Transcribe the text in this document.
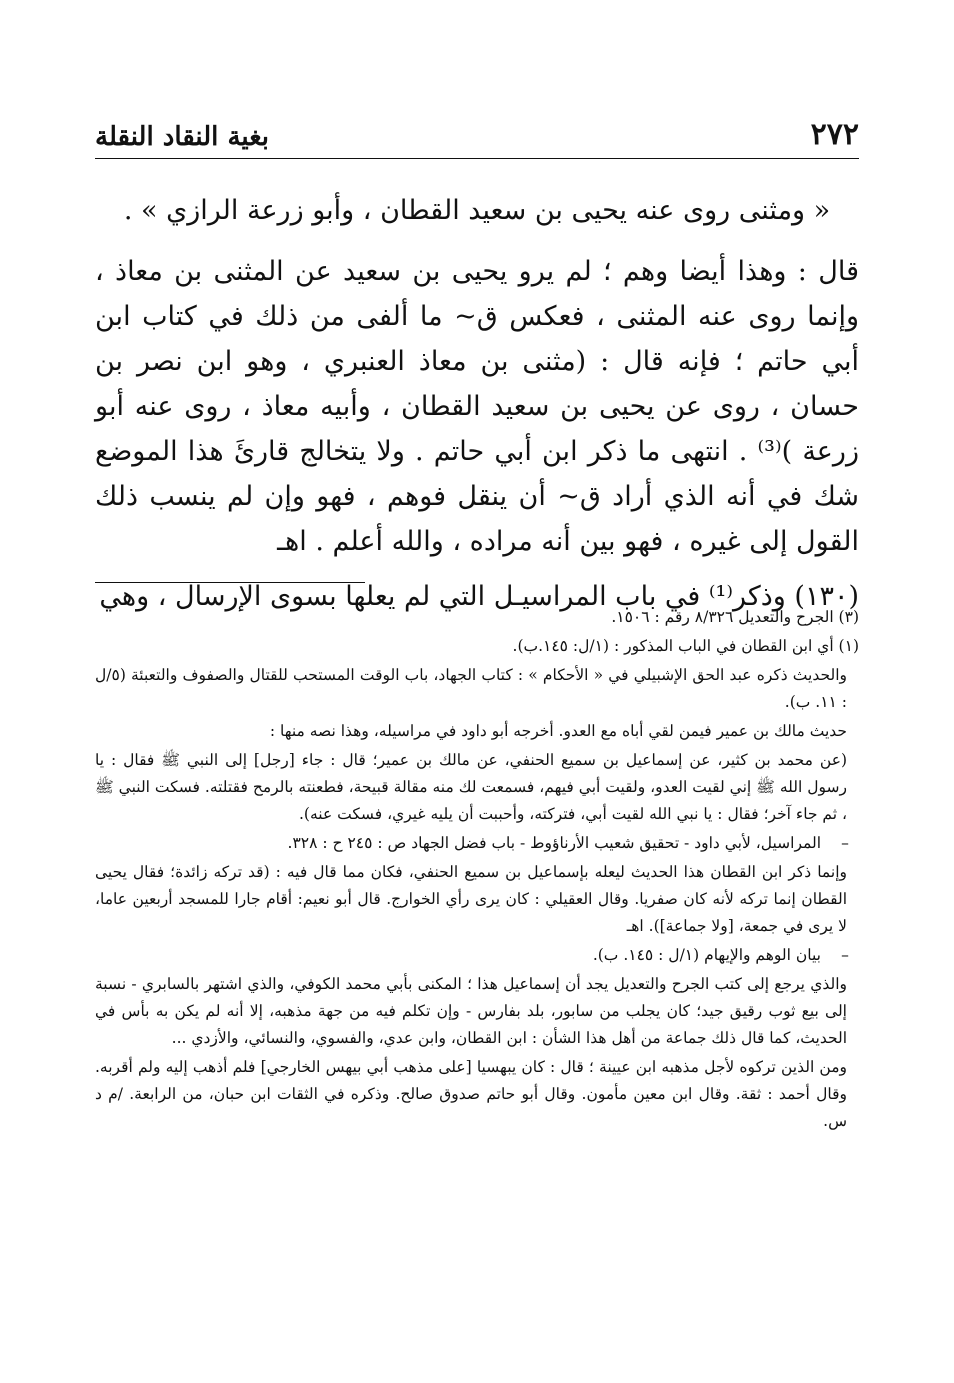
٢٧٢
بغية النقاد النقلة

« ومثنى روى عنه يحيى بن سعيد القطان ، وأبو زرعة الرازي » .

قال : وهذا أيضا وهم ؛ لم يرو يحيى بن سعيد عن المثنى بن معاذ ، وإنما روى عنه المثنى ، فعكس ق~ ما ألفى من ذلك في كتاب ابن أبي حاتم ؛ فإنه قال : (مثنى بن معاذ العنبري ، وهو ابن نصر بن حسان ، روى عن يحيى بن سعيد القطان ، وأبيه معاذ ، روى عنه أبو زرعة )⁽³⁾ . انتهى ما ذكر ابن أبي حاتم . ولا يتخالج قارئَ هذا الموضع شك في أنه الذي أراد ق~ أن ينقل فوهم ، فهو وإن لم ينسب ذلك القول إلى غيره ، فهو بين أنه مراده ، والله أعلم . اهـ

(١٣٠) وذكر⁽¹⁾ في باب المراسيـل التي لم يعلها بسوى الإرسال ، وهي

(٣) الجرح والتعديل ٨/٣٢٦ رقم : ١٥٠٦.

(١) أي ابن القطان في الباب المذكور : (١/ل: ١٤٥.ب).

والحديث ذكره عبد الحق الإشبيلي في « الأحكام » : كتاب الجهاد، باب الوقت المستحب للقتال والصفوف والتعبئة (٥/ل : ١١. ب).

حديث مالك بن عمير فيمن لقي أباه مع العدو. أخرجه أبو داود في مراسيله، وهذا نصه منها :

(عن محمد بن كثير، عن إسماعيل بن سميع الحنفي، عن مالك بن عمير؛ قال : جاء [رجل] إلى النبي ﷺ فقال : يا رسول الله ﷺ إني لقيت العدو، ولقيت أبي فيهم، فسمعت لك منه مقالة قبيحة، فطعنته بالرمح فقتلته. فسكت النبي ﷺ ، ثم جاء آخر؛ فقال : يا نبي الله لقيت أبي، فتركته، وأحببت أن يليه غيري، فسكت عنه).

–
المراسيل، لأبي داود - تحقيق شعيب الأرناؤوط - باب فضل الجهاد ص : ٢٤٥ ح : ٣٢٨.

وإنما ذكر ابن القطان هذا الحديث ليعله بإسماعيل بن سميع الحنفي، فكان مما قال فيه : (قد تركه زائدة؛ فقال يحيى القطان إنما تركه لأنه كان صفريا. وقال العقيلي : كان يرى رأي الخوارج. قال أبو نعيم: أقام جارا للمسجد أربعين عاما، لا يرى في جمعة، [ولا جماعة]). اهـ

–
بيان الوهم والإيهام (١/ل : ١٤٥. ب).

والذي يرجع إلى كتب الجرح والتعديل يجد أن إسماعيل هذا ؛ المكنى بأبي محمد الكوفي، والذي اشتهر بالسابري - نسبة إلى بيع ثوب رقيق جيد؛ كان يجلب من سابور، بلد بفارس - وإن تكلم فيه من جهة مذهبه، إلا أنه لم يكن به بأس في الحديث، كما قال ذلك جماعة من أهل هذا الشأن : ابن القطان، وابن عدي، والفسوي، والنسائي، والأزدي ...

ومن الذين تركوه لأجل مذهبه ابن عيينة ؛ قال : كان يبهسيا [على مذهب أبي بيهس الخارجي] فلم أذهب إليه ولم أقربه. وقال أحمد : ثقة. وقال ابن معين مأمون. وقال أبو حاتم صدوق صالح. وذكره في الثقات ابن حبان، من الرابعة. /م د س.
